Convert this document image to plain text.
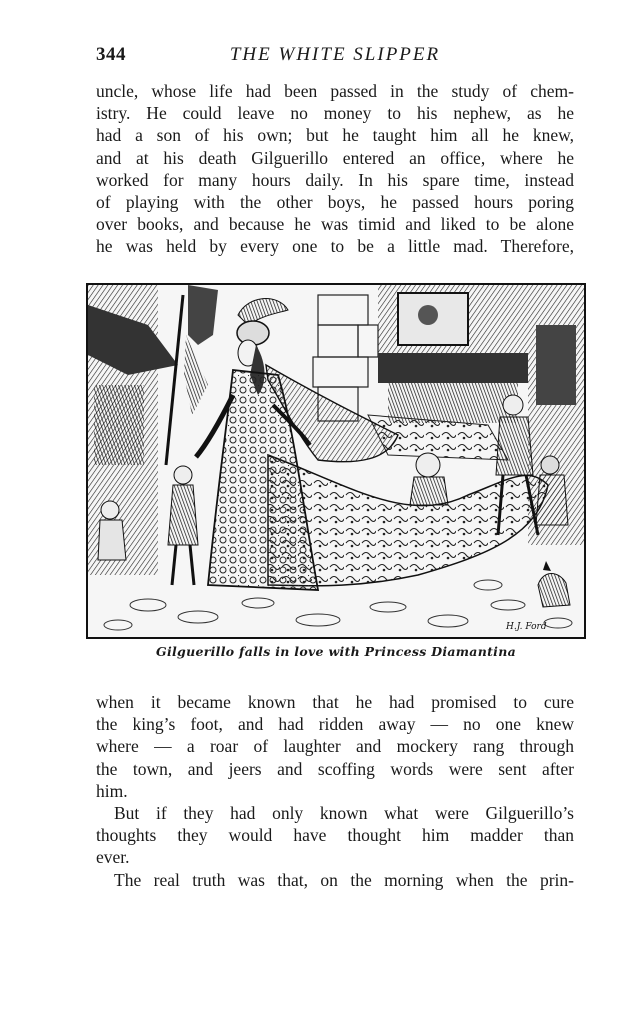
344	THE WHITE SLIPPER
uncle, whose life had been passed in the study of chem-
istry. He could leave no money to his nephew, as he
had a son of his own; but he taught him all he knew,
and at his death Gilguerillo entered an office, where he
worked for many hours daily. In his spare time, instead
of playing with the other boys, he passed hours poring
over books, and because he was timid and liked to be alone
he was held by every one to be a little mad. Therefore,
H.J. Ford
Gilguerillo falls in love with Princess Diamantina
when it became known that he had promised to cure
the king’s foot, and had ridden away — no one knew
where — a roar of laughter and mockery rang through
the town, and jeers and scoffing words were sent after
him.
But if they had only known what were Gilguerillo’s
thoughts they would have thought him madder than
ever.
The real truth was that, on the morning when the prin-
